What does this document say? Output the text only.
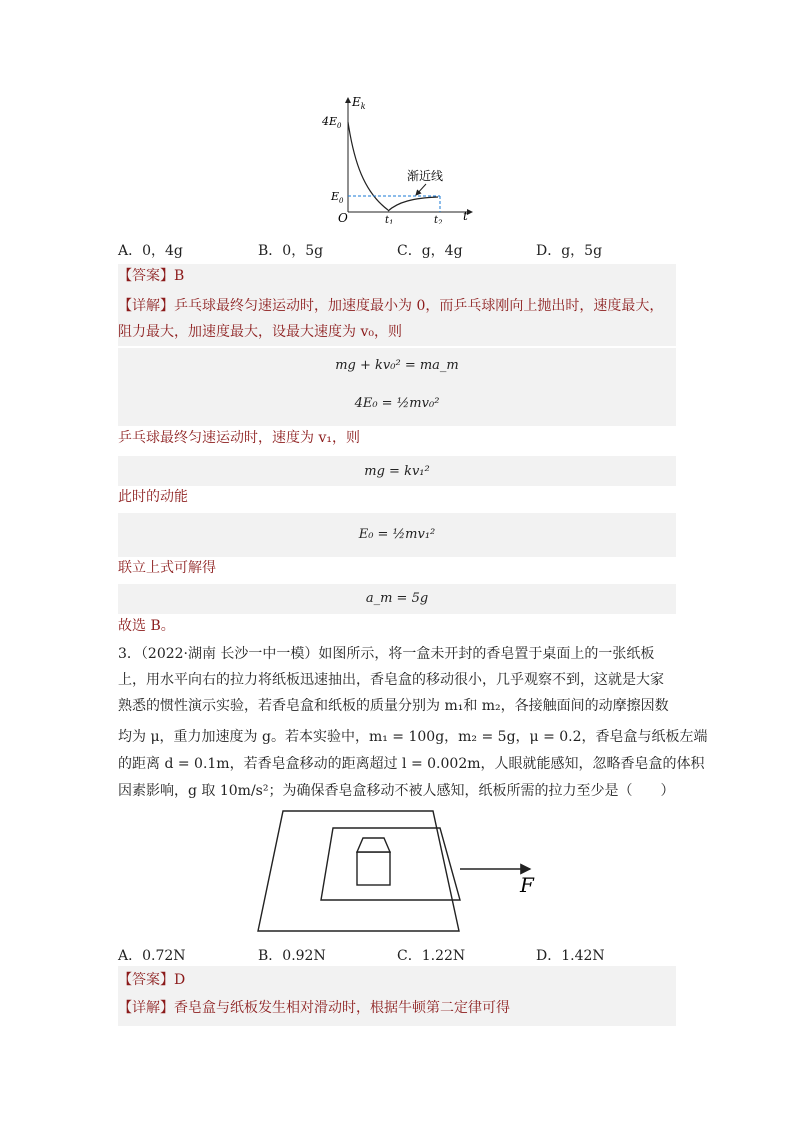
$E_k$
$4E_0$
$E_0$
O	$t_1$	$t_2$ t
渐近线
A．0，4g	B．0，5g	C．g，4g	D．g，5g
【答案】B
【详解】乒乓球最终匀速运动时，加速度最小为 0，而乒乓球刚向上抛出时，速度最大，
阻力最大，加速度最大，设最大速度为 v₀，则
mg + kv₀² = ma_m
4E₀ = ½mv₀²
乒乓球最终匀速运动时，速度为 v₁，则
mg = kv₁²
此时的动能
E₀ = ½mv₁²
联立上式可解得
a_m = 5g
故选 B。
3．（2022·湖南 长沙一中一模）如图所示，将一盒未开封的香皂置于桌面上的一张纸板
上，用水平向右的拉力将纸板迅速抽出，香皂盒的移动很小，几乎观察不到，这就是大家
熟悉的惯性演示实验，若香皂盒和纸板的质量分别为 m₁和 m₂，各接触面间的动摩擦因数
均为 μ，重力加速度为 g。若本实验中，m₁ = 100g，m₂ = 5g，μ = 0.2，香皂盒与纸板左端
的距离 d = 0.1m，若香皂盒移动的距离超过 l = 0.002m，人眼就能感知，忽略香皂盒的体积
因素影响，g 取 10m/s²；为确保香皂盒移动不被人感知，纸板所需的拉力至少是（　　）
F
A．0.72N	B．0.92N	C．1.22N	D．1.42N
【答案】D
【详解】香皂盒与纸板发生相对滑动时，根据牛顿第二定律可得
